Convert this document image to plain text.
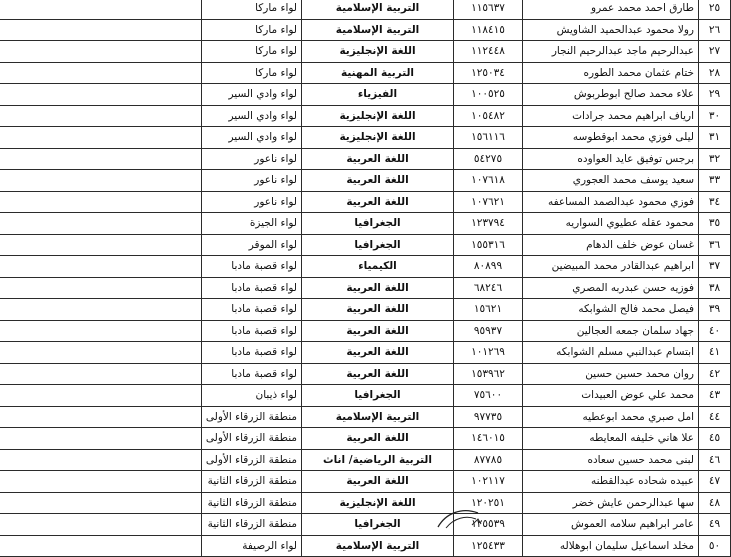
٢٥	طارق احمد محمد عمرو	١١٥٦٣٧	التربية الإسلامية	لواء ماركا	
٢٦	رولا محمود عبدالحميد الشاويش	١١٨٤١٥	التربية الإسلامية	لواء ماركا	
٢٧	عبدالرحيم ماجد عبدالرحيم النجار	١١٢٤٤٨	اللغة الإنجليزية	لواء ماركا	
٢٨	ختام عثمان محمد الطوره	١٢٥٠٣٤	التربية المهنية	لواء ماركا	
٢٩	علاء محمد صالح ابوطربوش	١٠٠٥٢٥	الفيزياء	لواء وادي السير	
٣٠	اریاف ابراهيم محمد جرادات	١٠٥٤٨٢	اللغة الإنجليزية	لواء وادي السير	
٣١	ليلى فوزي محمد ابوقطوسه	١٥٦١١٦	اللغة الإنجليزية	لواء وادي السير	
٣٢	برجس توفيق عايد العواوده	٥٤٢٧٥	اللغة العربية	لواء ناعور	
٣٣	سعيد يوسف محمد العجوري	١٠٧٦١٨	اللغة العربية	لواء ناعور	
٣٤	فوزي محمود عبدالصمد المساعفه	١٠٧٦٢١	اللغة العربية	لواء ناعور	
٣٥	محمود عقله عطيوي السواريه	١٢٣٧٩٤	الجغرافيا	لواء الجيزة	
٣٦	غسان عوض خلف الدهام	١٥٥٣١٦	الجغرافيا	لواء الموقر	
٣٧	ابراهيم عبدالقادر محمد المبيضين	٨٠٨٩٩	الكيمياء	لواء قصبة مادبا	
٣٨	فوزيه حسن عبدربه المصري	٦٨٢٤٦	اللغة العربية	لواء قصبة مادبا	
٣٩	فيصل محمد فالح الشوابكه	١٥٦٢١	اللغة العربية	لواء قصبة مادبا	
٤٠	جهاد سلمان جمعه العجالين	٩٥٩٣٧	اللغة العربية	لواء قصبة مادبا	
٤١	ابتسام عبدالنبي مسلم الشوابكه	١٠١٢٦٩	اللغة العربية	لواء قصبة مادبا	
٤٢	روان محمد حسين حسين	١٥٣٩٦٢	اللغة العربية	لواء قصبة مادبا	
٤٣	محمد علي عوض العبيدات	٧٥٦٠٠	الجغرافيا	لواء ذيبان	
٤٤	امل صبري محمد ابوعطيه	٩٧٧٣٥	التربية الإسلامية	منطقة الزرقاء الأولى	
٤٥	علا هاني خليفه المعايطه	١٤٦٠١٥	اللغة العربية	منطقة الزرقاء الأولى	
٤٦	لبنى محمد حسين سعاده	٨٧٧٨٥	التربية الرياضية/ اناث	منطقة الزرقاء الأولى	
٤٧	عبيده شحاده عبدالقطنه	١٠٢١١٧	اللغة العربية	منطقة الزرقاء الثانية	
٤٨	سها عبدالرحمن عايش خضر	١٢٠٢٥١	اللغة الإنجليزية	منطقة الزرقاء الثانية	
٤٩	عامر ابراهيم سلامه العموش	١٢٥٥٣٩	الجغرافيا	منطقة الزرقاء الثانية	
٥٠	مخلد اسماعيل سليمان ابوهلاله	١٢٥٤٣٣	التربية الإسلامية	لواء الرصيفة	
